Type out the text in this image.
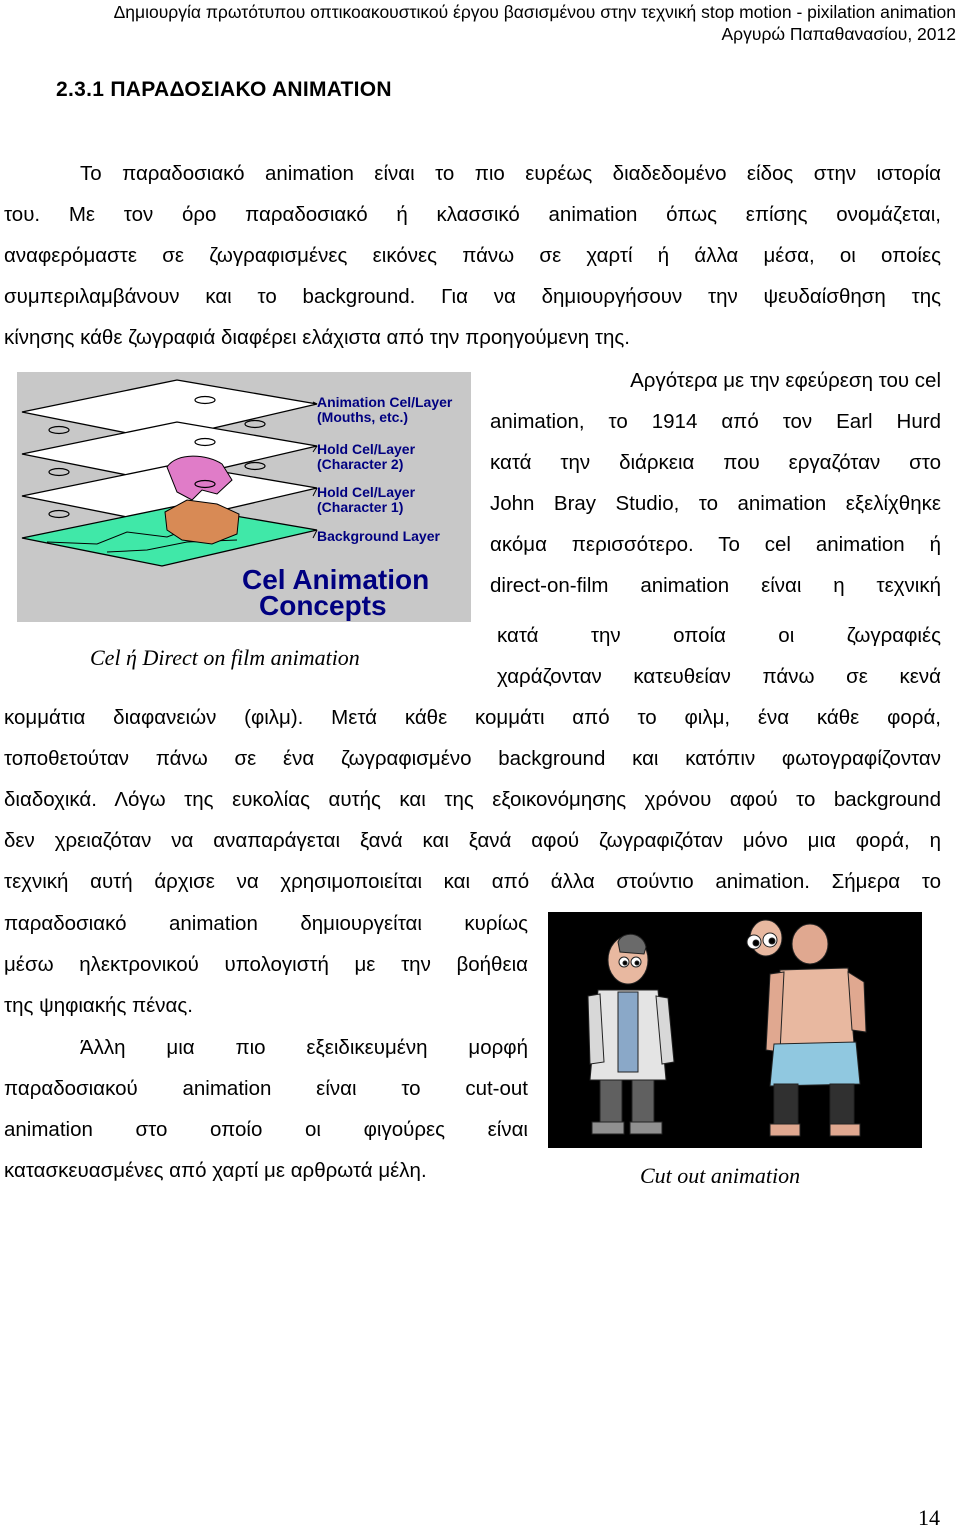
Δημιουργία πρωτότυπου οπτικοακουστικού έργου βασισμένου στην τεχνική stop motion - pixilation animation
Αργυρώ Παπαθανασίου, 2012
2.3.1 ΠΑΡΑΔΟΣΙΑΚΟ ΑΝΙΜΑΤΙΟΝ
Το παραδοσιακό animation είναι το πιο ευρέως διαδεδομένο είδος στην ιστορία
του. Με τον όρο παραδοσιακό ή κλασσικό animation όπως επίσης ονομάζεται,
αναφερόμαστε σε ζωγραφισμένες εικόνες πάνω σε χαρτί ή άλλα μέσα, οι οποίες
συμπεριλαμβάνουν και το background. Για να δημιουργήσουν την ψευδαίσθηση της
κίνησης κάθε ζωγραφιά διαφέρει ελάχιστα από την προηγούμενη της.
Animation Cel/Layer
(Mouths, etc.)
Hold Cel/Layer
(Character 2)
Hold Cel/Layer
(Character 1)
Background Layer
Cel Animation
Concepts
Αργότερα με την εφεύρεση του cel
animation, το 1914 από τον Earl Hurd
κατά την διάρκεια που εργαζόταν στο
John Bray Studio, το animation εξελίχθηκε
ακόμα περισσότερο. Το cel animation ή
direct-on-film animation είναι η τεχνική
κατά την οποία οι ζωγραφιές
χαράζονταν κατευθείαν πάνω σε κενά
Cel ή Direct on film animation
κομμάτια διαφανειών (φιλμ). Μετά κάθε κομμάτι από το φιλμ, ένα κάθε φορά,
τοποθετούταν πάνω σε ένα ζωγραφισμένο background και κατόπιν φωτογραφίζονταν
διαδοχικά. Λόγω της ευκολίας αυτής και της εξοικονόμησης χρόνου αφού το background
δεν χρειαζόταν να αναπαράγεται ξανά και ξανά αφού ζωγραφιζόταν μόνο μια φορά, η
τεχνική αυτή άρχισε να χρησιμοποιείται και από άλλα στούντιο animation. Σήμερα το
παραδοσιακό animation δημιουργείται κυρίως
μέσω ηλεκτρονικού υπολογιστή με την βοήθεια
της ψηφιακής πένας.
Άλλη μια πιο εξειδικευμένη μορφή
παραδοσιακού animation είναι το cut-out
animation στο οποίο οι φιγούρες είναι
κατασκευασμένες από χαρτί με αρθρωτά μέλη.	Cut out animation
14
